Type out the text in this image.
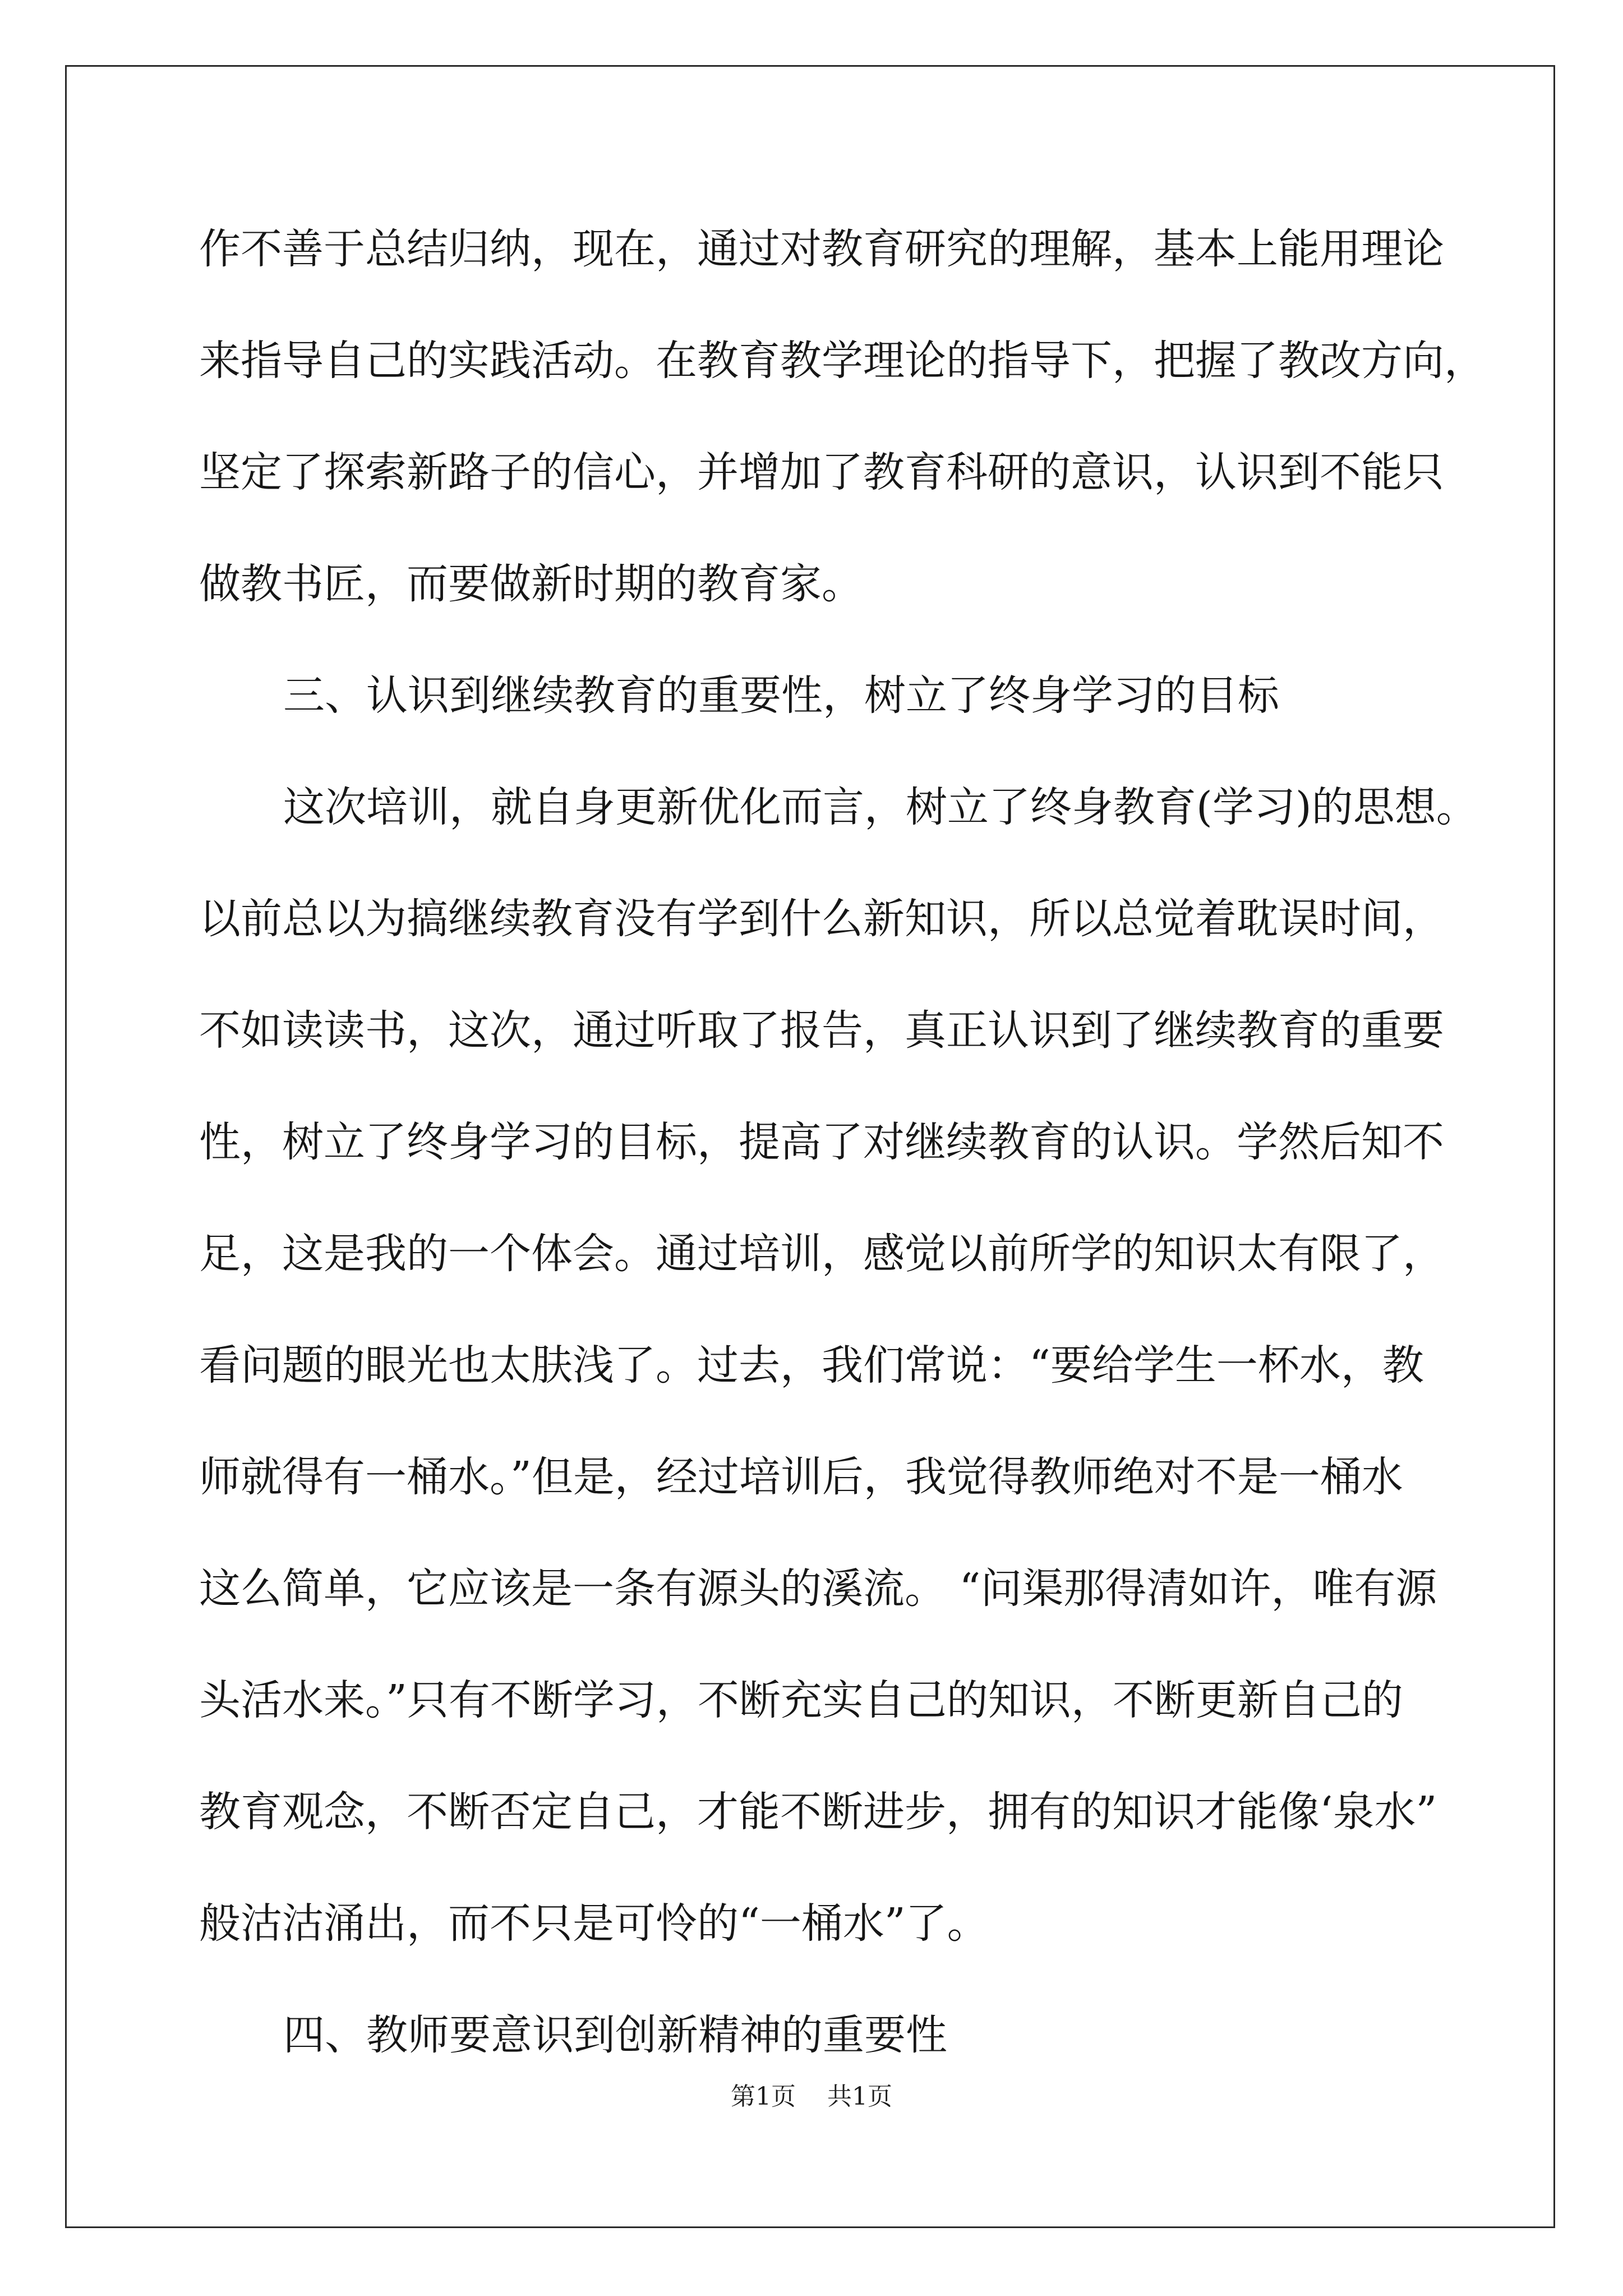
作不善于总结归纳，现在，通过对教育研究的理解，基本上能用理论
来指导自己的实践活动。在教育教学理论的指导下，把握了教改方向，
坚定了探索新路子的信心，并增加了教育科研的意识，认识到不能只
做教书匠，而要做新时期的教育家。
三、认识到继续教育的重要性，树立了终身学习的目标
这次培训，就自身更新优化而言，树立了终身教育(学习)的思想。
以前总以为搞继续教育没有学到什么新知识，所以总觉着耽误时间，
不如读读书，这次，通过听取了报告，真正认识到了继续教育的重要
性，树立了终身学习的目标，提高了对继续教育的认识。学然后知不
足，这是我的一个体会。通过培训，感觉以前所学的知识太有限了，
看问题的眼光也太肤浅了。过去，我们常说：“要给学生一杯水，教
师就得有一桶水。”但是，经过培训后，我觉得教师绝对不是一桶水
这么简单，它应该是一条有源头的溪流。 “问渠那得清如许，唯有源
头活水来。”只有不断学习，不断充实自己的知识，不断更新自己的
教育观念，不断否定自己，才能不断进步，拥有的知识才能像‘泉水”
般沽沽涌出，而不只是可怜的“一桶水”了。
四、教师要意识到创新精神的重要性
第1页 共1页
